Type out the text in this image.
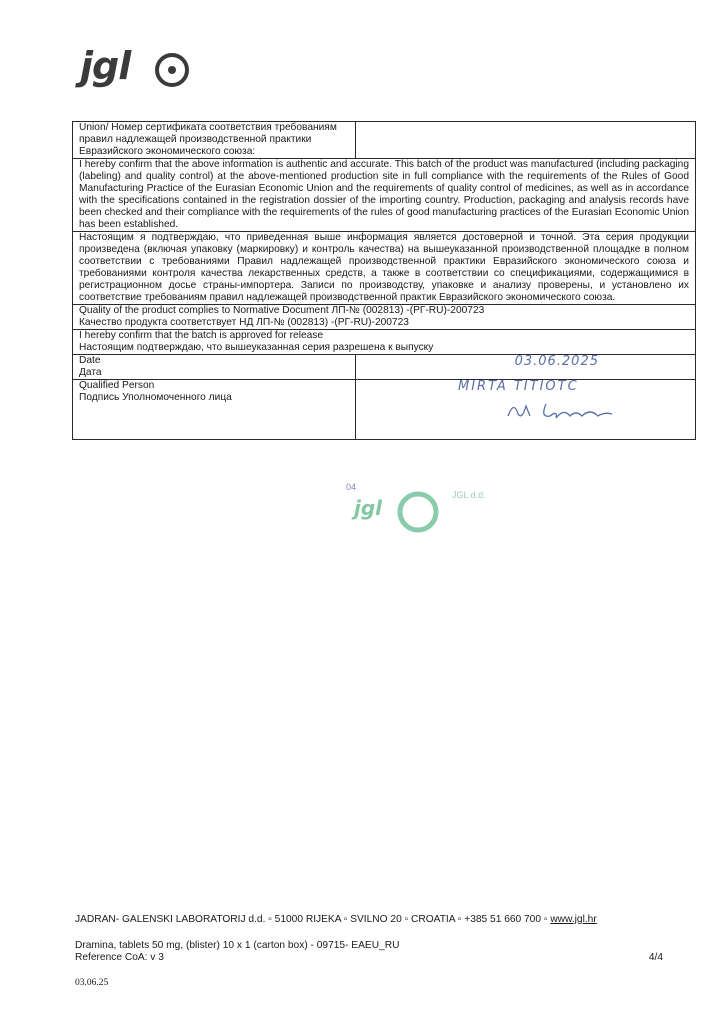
jgl
Union/ Номер сертификата соответствия требованиям правил надлежащей производственной практики Евразийского экономического союза:	
I hereby confirm that the above information is authentic and accurate. This batch of the product was manufactured (including packaging (labeling) and quality control) at the above-mentioned production site in full compliance with the requirements of the Rules of Good Manufacturing Practice of the Eurasian Economic Union and the requirements of quality control of medicines, as well as in accordance with the specifications contained in the registration dossier of the importing country. Production, packaging and analysis records have been checked and their compliance with the requirements of the rules of good manufacturing practices of the Eurasian Economic Union has been established.	
Настоящим я подтверждаю, что приведенная выше информация является достоверной и точной. Эта серия продукции произведена (включая упаковку (маркировку) и контроль качества) на вышеуказанной производственной площадке в полном соответствии с требованиями Правил надлежащей производственной практики Евразийского экономического союза и требованиями контроля качества лекарственных средств, а также в соответствии со спецификациями, содержащимися в регистрационном досье страны-импортера. Записи по производству, упаковке и анализу проверены, и установлено их соответствие требованиям правил надлежащей производственной практик Евразийского экономического союза.	

Quality of the product complies to Normative Document ЛП-№ (002813) -(РГ-RU)-200723
Качество продукта соответствует НД ЛП-№ (002813) -(РГ-RU)-200723	

I hereby confirm that the batch is approved for release
Настоящим подтверждаю, что вышеуказанная серия разрешена к выпуску	

Date
Дата	03.06.2025

Qualified Person
Подпись Уполномоченного лица	MIRTA TITIOTC
04
jgl
JGL d.d.
JADRAN- GALENSKI LABORATORIJ d.d. ▫ 51000 RIJEKA ▫ SVILNO 20 ▫ CROATIA ▫ +385 51 660 700 ▫ www.jgl.hr
Dramina, tablets 50 mg, (blister) 10 x 1 (carton box) - 09715- EAEU_RU
Reference CoA: v 3	4/4
03.06.25
